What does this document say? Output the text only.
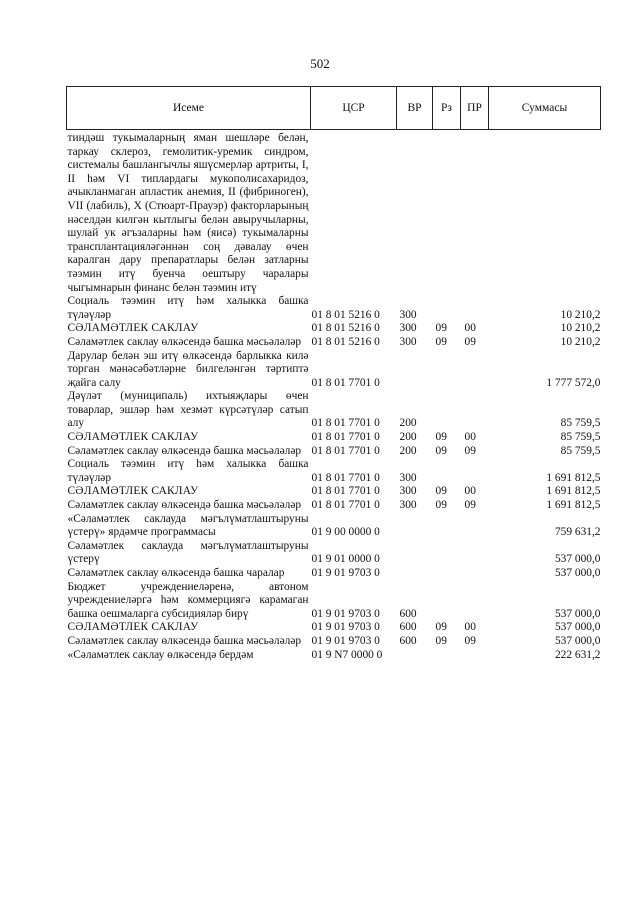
502
Исеме	ЦСР	ВР	Рз	ПР	Суммасы
тиндәш тукымаларның яман шешләре белән, таркау склероз, гемолитик-уремик синдром, системалы башлангычлы яшүсмерләр артриты, I, II һәм VI типлардагы мукополисахаридоз, ачыкланмаган апластик анемия, II (фибриноген), VII (лабиль), X (Стюарт-Прауэр) факторларының нәселдән килгән кытлыгы белән авыручыларны, шулай ук әгъзаларны һәм (яисә) тукымаларны трансплантацияләгәннән соң дәвалау өчен каралган дару препаратлары белән затларны тәэмин итү буенча оештыру чаралары чыгымнарын финанс белән тәэмин итү					
Социаль тәэмин итү һәм халыкка башка түләүләр	01 8 01 5216 0	300			10 210,2
СӘЛАМӘТЛЕК САКЛАУ	01 8 01 5216 0	300	09	00	10 210,2
Сәламәтлек саклау өлкәсендә башка мәсьәләләр	01 8 01 5216 0	300	09	09	10 210,2
Дарулар белән эш итү өлкәсендә барлыкка килә торган мәнәсәбәтләрне билгеләнгән тәртиптә җайга салу	01 8 01 7701 0				1 777 572,0
Дәүләт (муниципаль) ихтыяҗлары өчен товарлар, эшләр һәм хезмәт күрсәтүләр сатып алу	01 8 01 7701 0	200			85 759,5
СӘЛАМӘТЛЕК САКЛАУ	01 8 01 7701 0	200	09	00	85 759,5
Сәламәтлек саклау өлкәсендә башка мәсьәләләр	01 8 01 7701 0	200	09	09	85 759,5
Социаль тәэмин итү һәм халыкка башка түләүләр	01 8 01 7701 0	300			1 691 812,5
СӘЛАМӘТЛЕК САКЛАУ	01 8 01 7701 0	300	09	00	1 691 812,5
Сәламәтлек саклау өлкәсендә башка мәсьәләләр	01 8 01 7701 0	300	09	09	1 691 812,5
«Сәламәтлек саклауда мәгълүматлаштыруны үстерү» ярдәмче программасы	01 9 00 0000 0				759 631,2
Сәламәтлек саклауда мәгълүматлаштыруны үстерү	01 9 01 0000 0				537 000,0
Сәламәтлек саклау өлкәсендә башка чаралар	01 9 01 9703 0				537 000,0
Бюджет учреждениеләренә, автоном учреждениеләргә һәм коммерциягә карамаган башка оешмаларга субсидияләр бирү	01 9 01 9703 0	600			537 000,0
СӘЛАМӘТЛЕК САКЛАУ	01 9 01 9703 0	600	09	00	537 000,0
Сәламәтлек саклау өлкәсендә башка мәсьәләләр	01 9 01 9703 0	600	09	09	537 000,0
«Сәламәтлек саклау өлкәсендә бердәм	01 9 N7 0000 0				222 631,2
